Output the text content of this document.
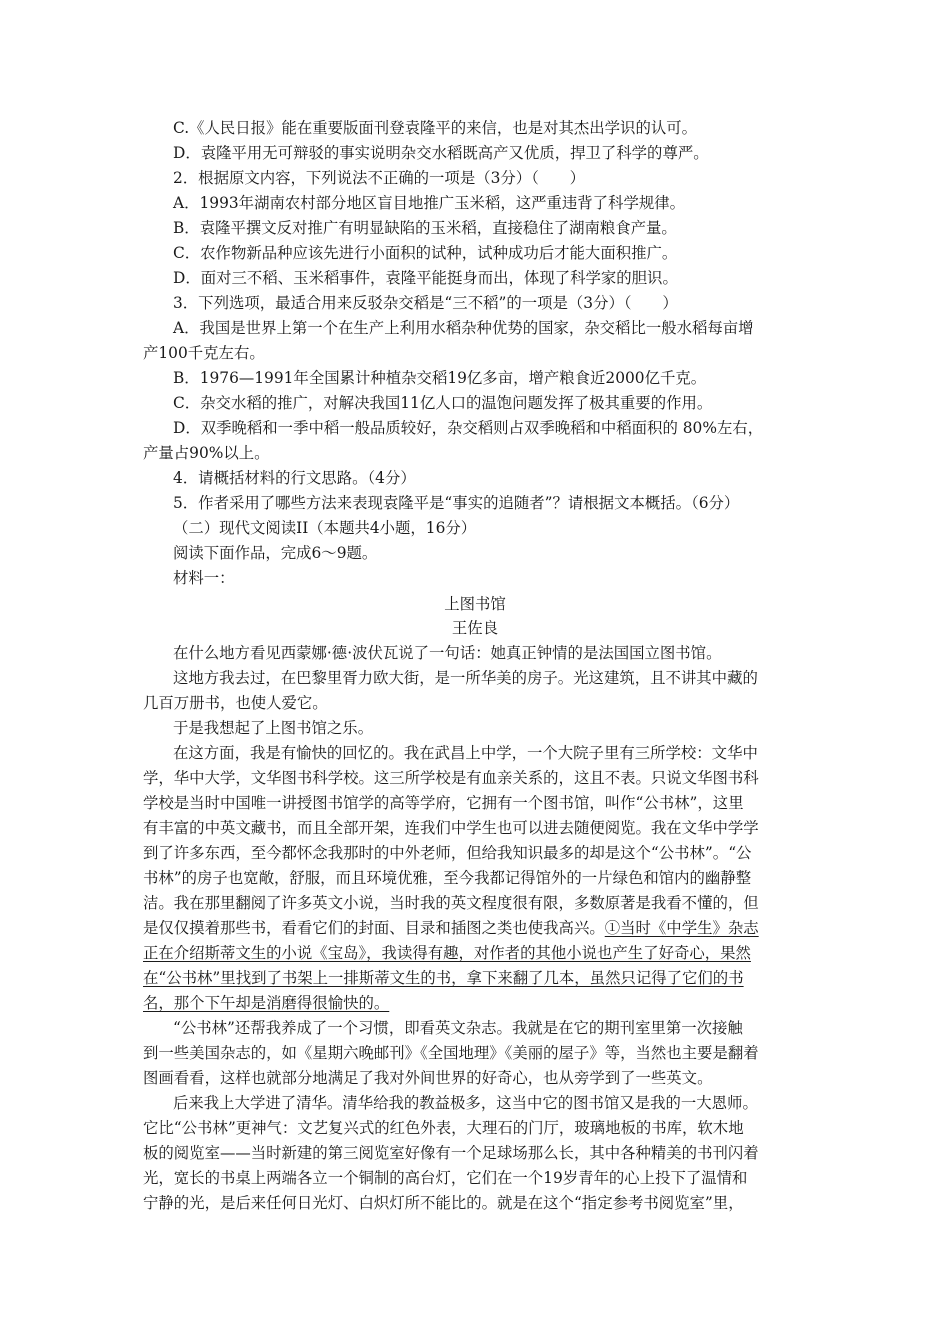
C.《人民日报》能在重要版面刊登袁隆平的来信，也是对其杰出学识的认可。
D．袁隆平用无可辩驳的事实说明杂交水稻既高产又优质，捍卫了科学的尊严。
2．根据原文内容，下列说法不正确的一项是（3分）（　　）
A．1993年湖南农村部分地区盲目地推广玉米稻，这严重违背了科学规律。
B．袁隆平撰文反对推广有明显缺陷的玉米稻，直接稳住了湖南粮食产量。
C．农作物新品种应该先进行小面积的试种，试种成功后才能大面积推广。
D．面对三不稻、玉米稻事件，袁隆平能挺身而出，体现了科学家的胆识。
3．下列选项，最适合用来反驳杂交稻是“三不稻”的一项是（3分）（　　）
A．我国是世界上第一个在生产上利用水稻杂种优势的国家，杂交稻比一般水稻每亩增
产100千克左右。
B．1976—1991年全国累计种植杂交稻19亿多亩，增产粮食近2000亿千克。
C．杂交水稻的推广，对解决我国11亿人口的温饱问题发挥了极其重要的作用。
D．双季晚稻和一季中稻一般品质较好，杂交稻则占双季晚稻和中稻面积的 80%左右，
产量占90%以上。
4．请概括材料的行文思路。（4分）
5．作者采用了哪些方法来表现袁隆平是“事实的追随者”？请根据文本概括。（6分）
（二）现代文阅读II（本题共4小题，16分）
阅读下面作品，完成6～9题。
材料一：
上图书馆
王佐良
在什么地方看见西蒙娜·德·波伏瓦说了一句话：她真正钟情的是法国国立图书馆。
这地方我去过，在巴黎里胥力欧大街，是一所华美的房子。光这建筑，且不讲其中藏的
几百万册书，也使人爱它。
于是我想起了上图书馆之乐。
在这方面，我是有愉快的回忆的。我在武昌上中学，一个大院子里有三所学校：文华中
学，华中大学，文华图书科学校。这三所学校是有血亲关系的，这且不表。只说文华图书科
学校是当时中国唯一讲授图书馆学的高等学府，它拥有一个图书馆，叫作“公书林”，这里
有丰富的中英文藏书，而且全部开架，连我们中学生也可以进去随便阅览。我在文华中学学
到了许多东西，至今都怀念我那时的中外老师，但给我知识最多的却是这个“公书林”。“公
书林”的房子也宽敞，舒服，而且环境优雅，至今我都记得馆外的一片绿色和馆内的幽静整
洁。我在那里翻阅了许多英文小说，当时我的英文程度很有限，多数原著是我看不懂的，但
是仅仅摸着那些书，看看它们的封面、目录和插图之类也使我高兴。①当时《中学生》杂志
正在介绍斯蒂文生的小说《宝岛》，我读得有趣，对作者的其他小说也产生了好奇心，果然
在“公书林”里找到了书架上一排斯蒂文生的书，拿下来翻了几本，虽然只记得了它们的书
名，那个下午却是消磨得很愉快的。
“公书林”还帮我养成了一个习惯，即看英文杂志。我就是在它的期刊室里第一次接触
到一些美国杂志的，如《星期六晚邮刊》《全国地理》《美丽的屋子》等，当然也主要是翻着
图画看看，这样也就部分地满足了我对外间世界的好奇心，也从旁学到了一些英文。
后来我上大学进了清华。清华给我的教益极多，这当中它的图书馆又是我的一大恩师。
它比“公书林”更神气：文艺复兴式的红色外表，大理石的门厅，玻璃地板的书库，软木地
板的阅览室——当时新建的第三阅览室好像有一个足球场那么长，其中各种精美的书刊闪着
光，宽长的书桌上两端各立一个铜制的高台灯，它们在一个19岁青年的心上投下了温情和
宁静的光，是后来任何日光灯、白炽灯所不能比的。就是在这个“指定参考书阅览室”里，
